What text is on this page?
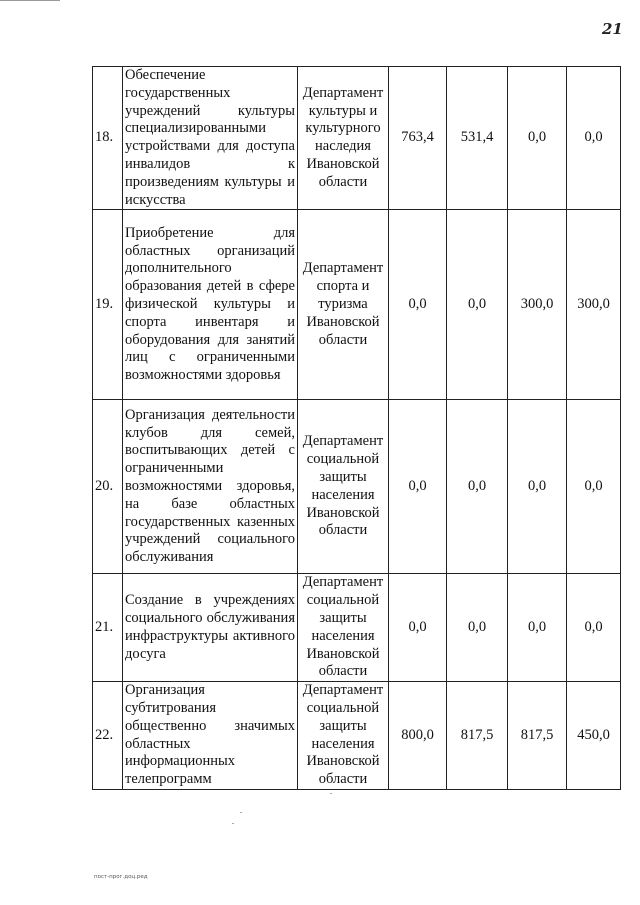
21
18.	Обеспечение государственных учреждений культуры специализированными устройствами для доступа инвалидов к произведениям культуры и искусства	Департамент культуры и культурного наследия Ивановской области	763,4	531,4	0,0	0,0
19.	Приобретение для областных организаций дополнительного образования детей в сфере физической культуры и спорта инвентаря и оборудования для занятий лиц с ограниченными возможностями здоровья	Департамент спорта и туризма Ивановской области	0,0	0,0	300,0	300,0
20.	Организация деятельности клубов для семей, воспитывающих детей с ограниченными возможностями здоровья, на базе областных государственных казенных учреждений социального обслуживания	Департамент социальной защиты населения Ивановской области	0,0	0,0	0,0	0,0
21.	Создание в учреждениях социального обслуживания инфраструктуры активного досуга	Департамент социальной защиты населения Ивановской области	0,0	0,0	0,0	0,0
22.	Организация субтитрования общественно значимых областных информационных телепрограмм	Департамент социальной защиты населения Ивановской области	800,0	817,5	817,5	450,0
пост-прог.доц.ред
